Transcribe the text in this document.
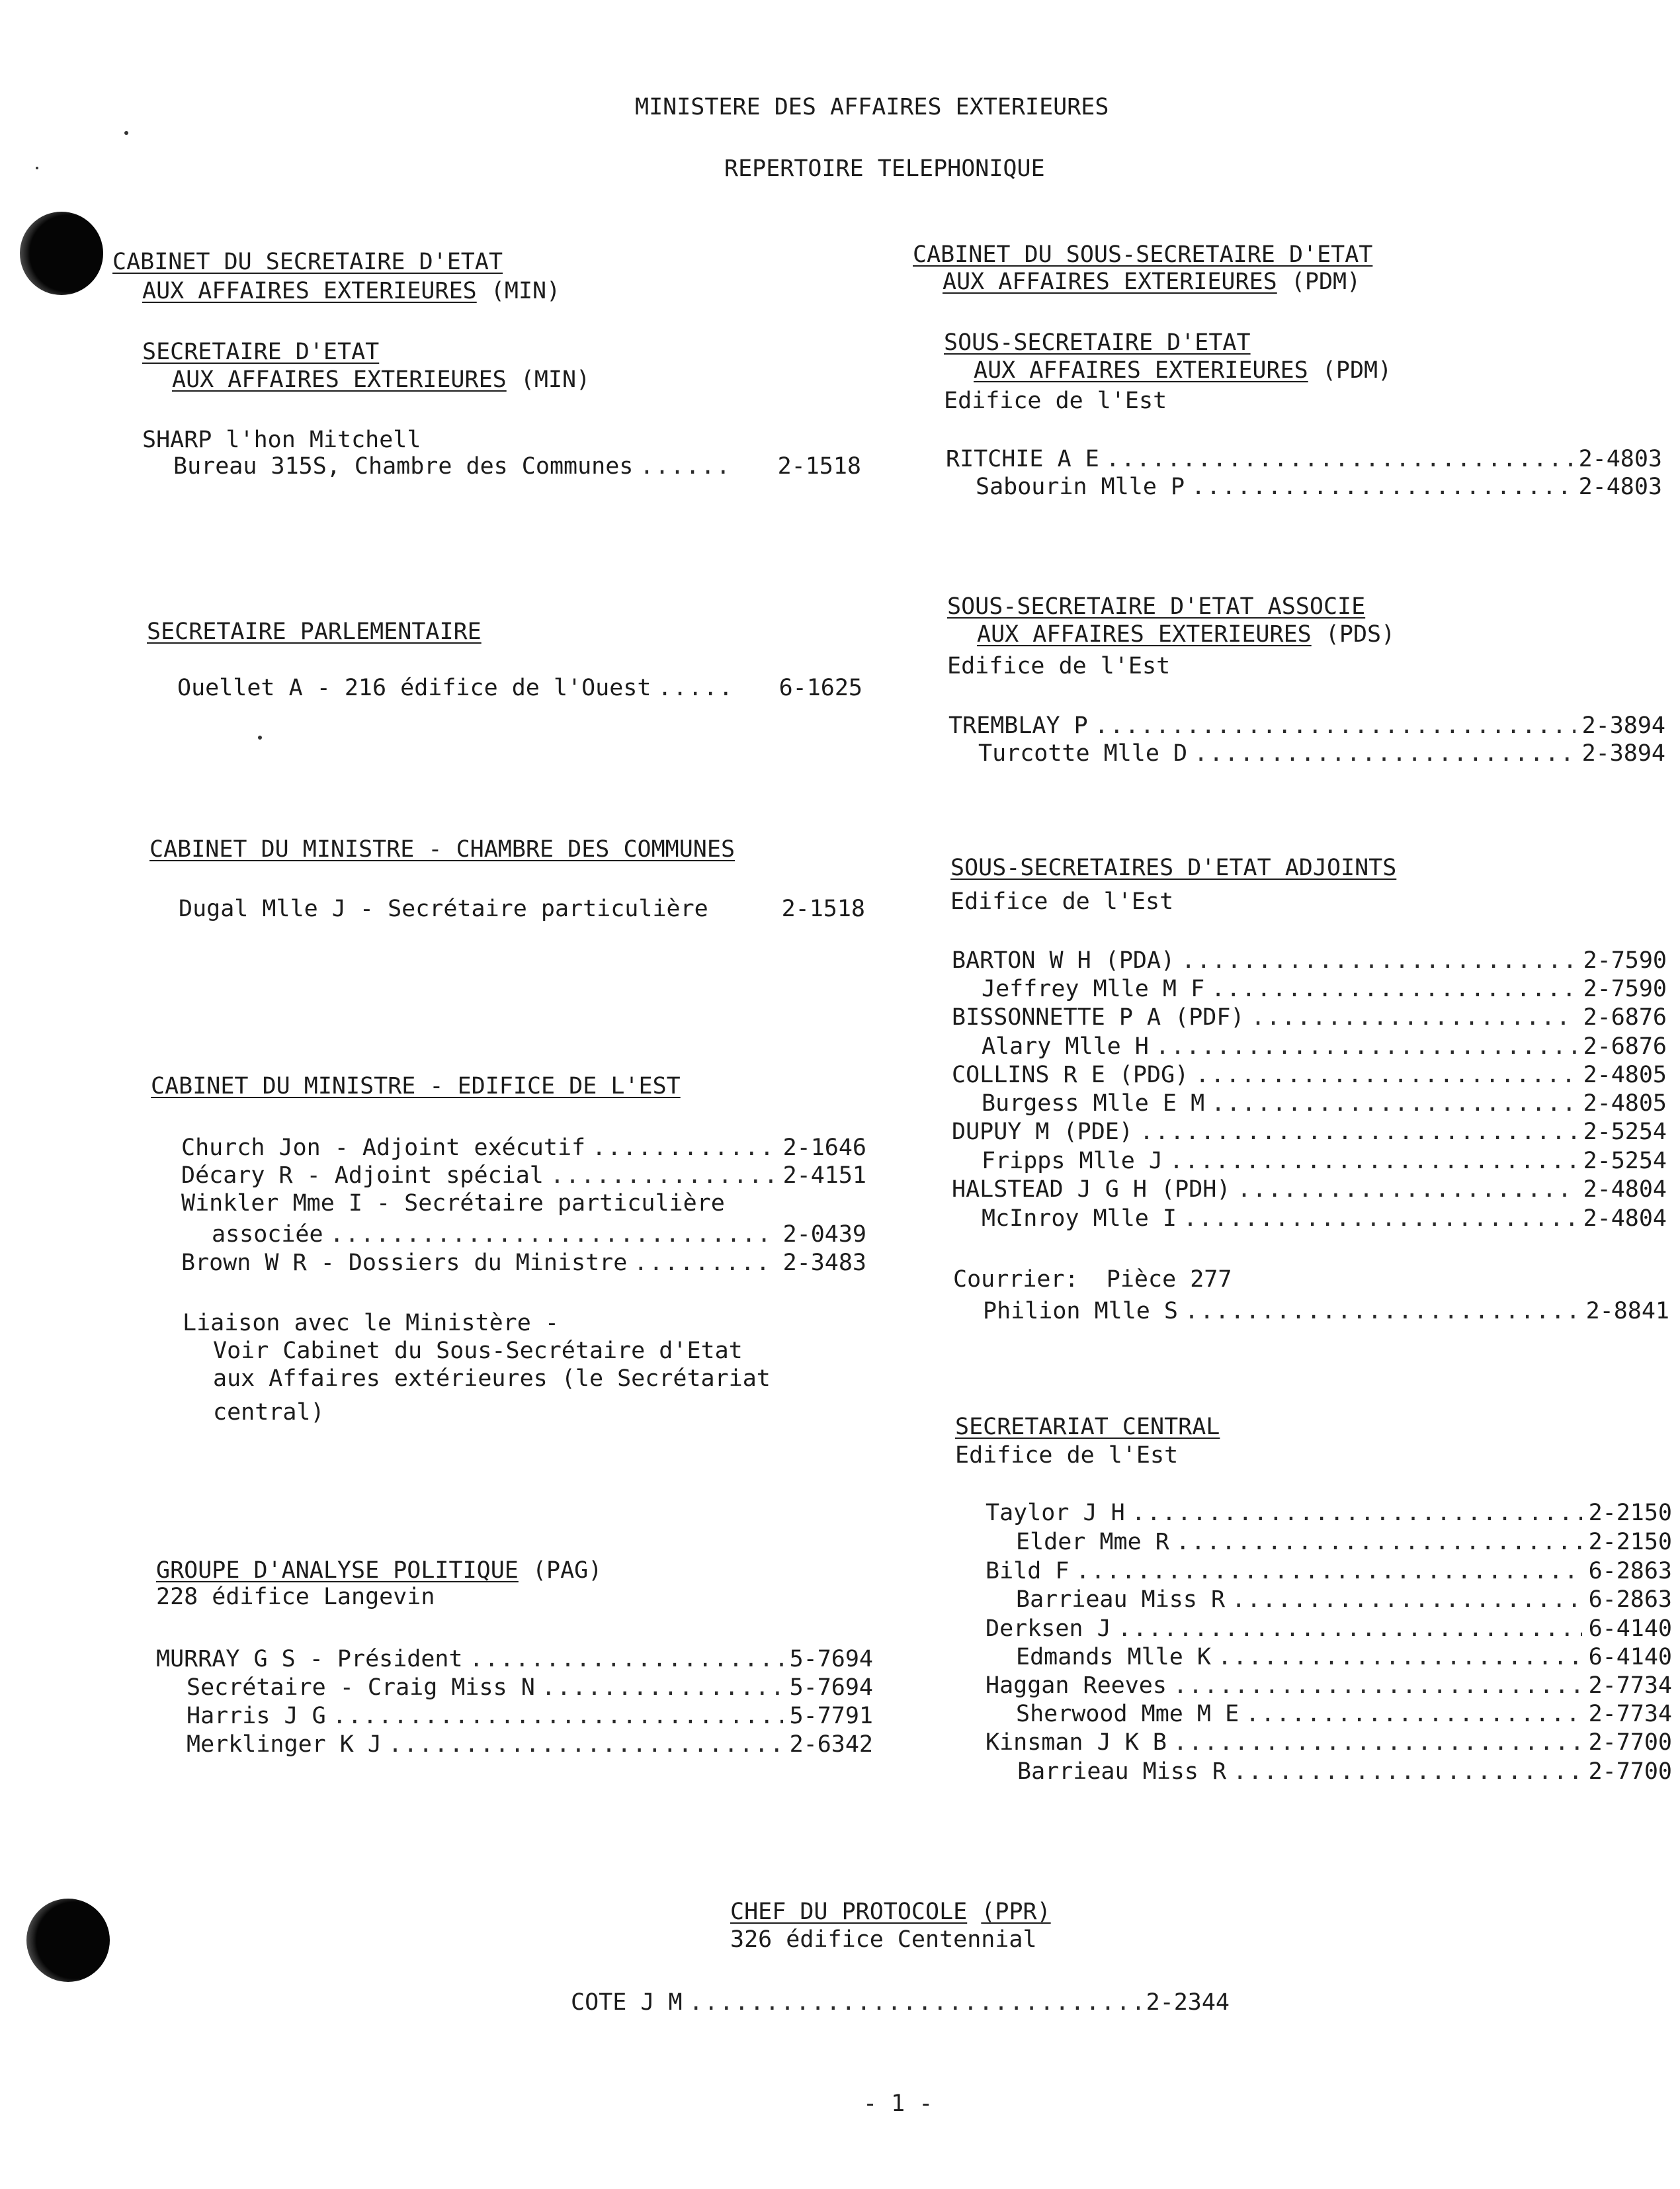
MINISTERE DES AFFAIRES EXTERIEURES
REPERTOIRE TELEPHONIQUE
CABINET DU SECRETAIRE D'ETAT
AUX AFFAIRES EXTERIEURES (MIN)
SECRETAIRE D'ETAT
AUX AFFAIRES EXTERIEURES (MIN)
SHARP l'hon Mitchell
Bureau 315S, Chambre des Communes .....	2-1518
SECRETAIRE PARLEMENTAIRE
Ouellet A - 216 édifice de l'Ouest .....	6-1625
CABINET DU MINISTRE - CHAMBRE DES COMMUNES
Dugal Mlle J - Secrétaire particulière	2-1518
CABINET DU MINISTRE - EDIFICE DE L'EST
Church Jon - Adjoint exécutif .....	2-1646
Décary R - Adjoint spécial .....	2-4151
Winkler Mme I - Secrétaire particulière
associée .....	2-0439
Brown W R - Dossiers du Ministre .....	2-3483
Liaison avec le Ministère -
Voir Cabinet du Sous-Secrétaire d'Etat
aux Affaires extérieures (le Secrétariat
central)
GROUPE D'ANALYSE POLITIQUE (PAG)
228 édifice Langevin
MURRAY G S - Président .....	5-7694
Secrétaire - Craig Miss N .....	5-7694
Harris J G .....	5-7791
Merklinger K J .....	2-6342
CABINET DU SOUS-SECRETAIRE D'ETAT
AUX AFFAIRES EXTERIEURES (PDM)
SOUS-SECRETAIRE D'ETAT
AUX AFFAIRES EXTERIEURES (PDM)
Edifice de l'Est
RITCHIE A E .....	2-4803
Sabourin Mlle P .....	2-4803
SOUS-SECRETAIRE D'ETAT ASSOCIE
AUX AFFAIRES EXTERIEURES (PDS)
Edifice de l'Est
TREMBLAY P .....	2-3894
Turcotte Mlle D .....	2-3894
SOUS-SECRETAIRES D'ETAT ADJOINTS
Edifice de l'Est
BARTON W H (PDA) .....	2-7590
Jeffrey Mlle M F .....	2-7590
BISSONNETTE P A (PDF) .....	2-6876
Alary Mlle H .....	2-6876
COLLINS R E (PDG) .....	2-4805
Burgess Mlle E M .....	2-4805
DUPUY M (PDE) .....	2-5254
Fripps Mlle J .....	2-5254
HALSTEAD J G H (PDH) .....	2-4804
McInroy Mlle I .....	2-4804
Courrier:  Pièce 277
Philion Mlle S .....	2-8841
SECRETARIAT CENTRAL
Edifice de l'Est
Taylor J H .....	2-2150
Elder Mme R .....	2-2150
Bild F .....	6-2863
Barrieau Miss R .....	6-2863
Derksen J .....	6-4140
Edmands Mlle K .....	6-4140
Haggan Reeves .....	2-7734
Sherwood Mme M E .....	2-7734
Kinsman J K B .....	2-7700
Barrieau Miss R .....	2-7700
CHEF DU PROTOCOLE (PPR)
326 édifice Centennial
COTE J M .....	2-2344
- 1 -
